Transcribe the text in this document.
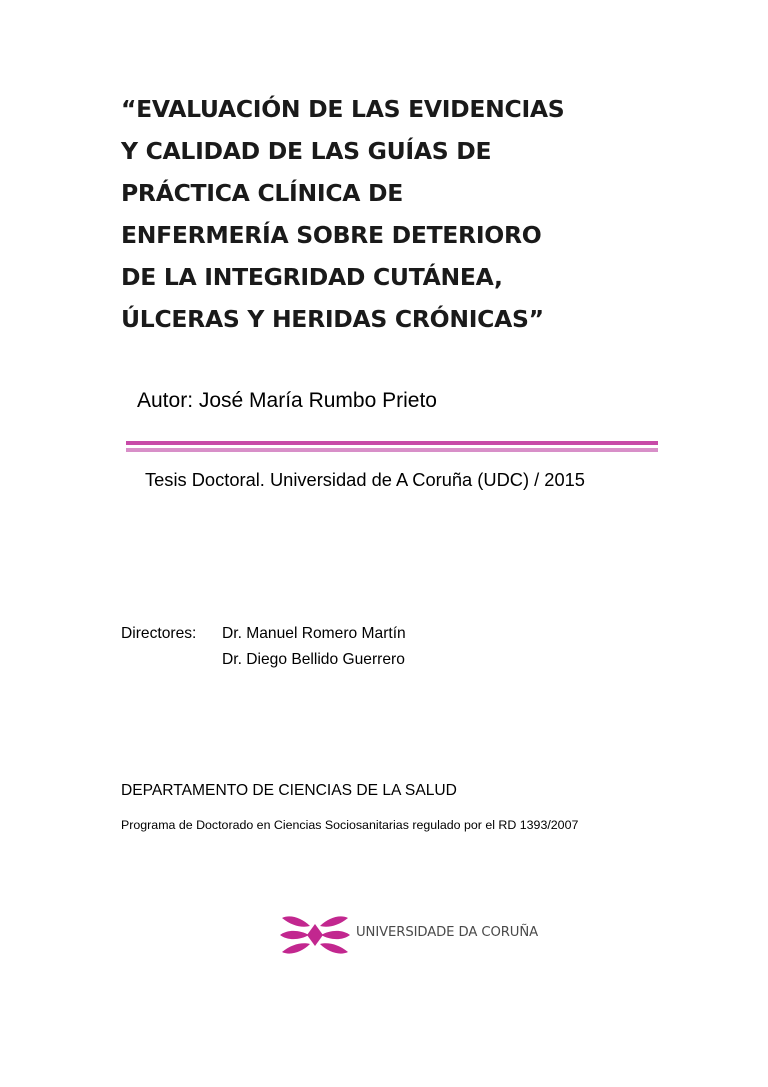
“EVALUACIÓN DE LAS EVIDENCIAS
Y CALIDAD DE LAS GUÍAS DE
PRÁCTICA CLÍNICA DE
ENFERMERÍA SOBRE DETERIORO
DE LA INTEGRIDAD CUTÁNEA,
ÚLCERAS Y HERIDAS CRÓNICAS”
Autor: José María Rumbo Prieto
Tesis Doctoral. Universidad de A Coruña (UDC) / 2015
Directores: Dr. Manuel Romero Martín
Dr. Diego Bellido Guerrero
DEPARTAMENTO DE CIENCIAS DE LA SALUD
Programa de Doctorado en Ciencias Sociosanitarias regulado por el RD 1393/2007
UNIVERSIDADE DA CORUÑA
